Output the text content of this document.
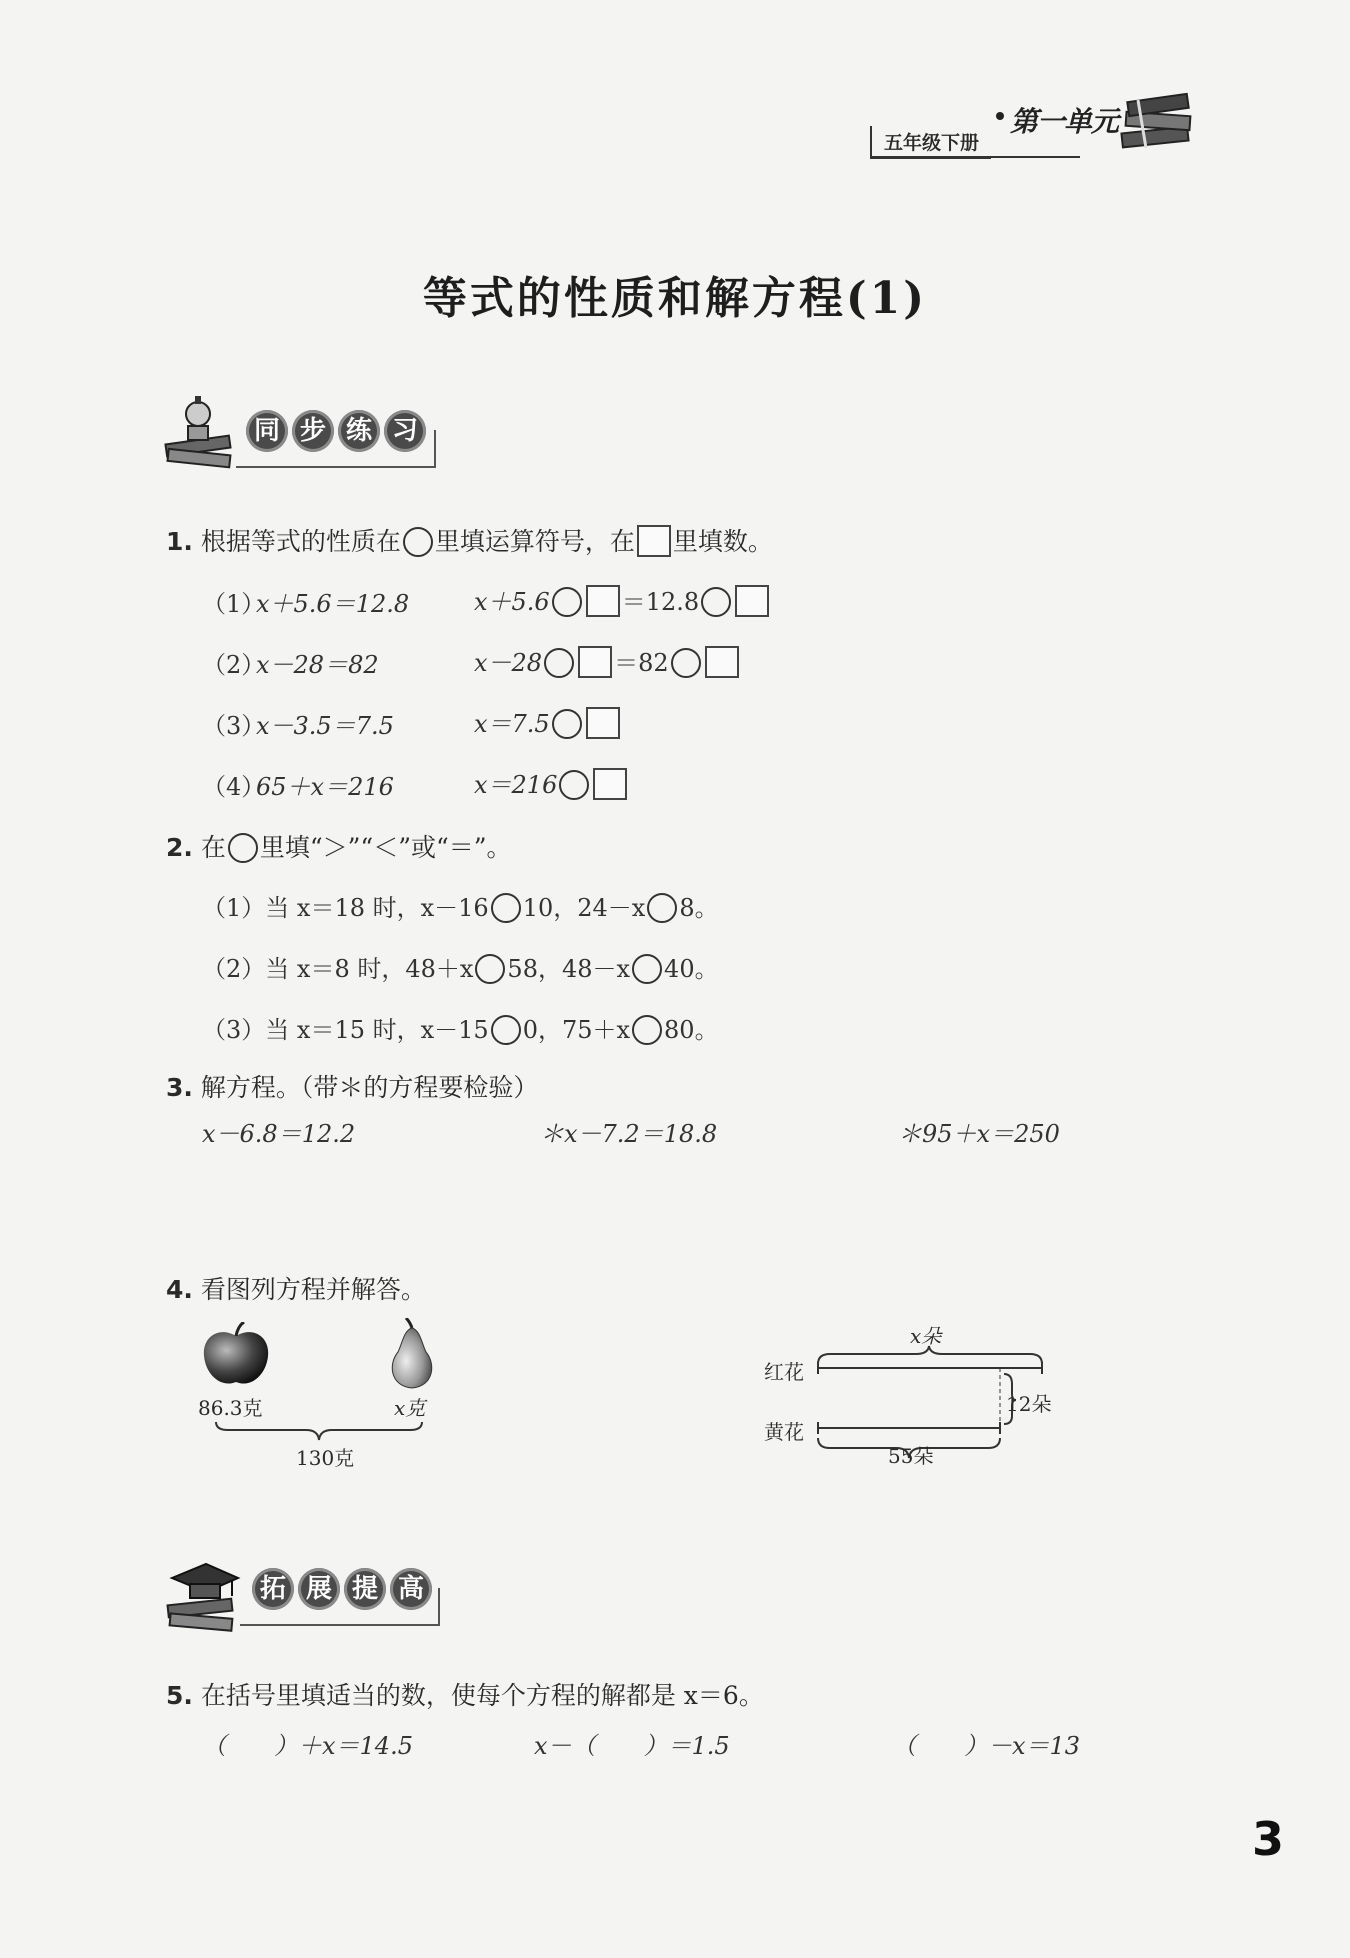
第一单元
五年级下册
等式的性质和解方程(1)
同 步 练 习
1. 根据等式的性质在 里填运算符号，在 里填数。
（1）
x＋5.6＝12.8	x＋5.6	＝12.8
（2）
x－28＝82	x－28	＝82
（3）
x－3.5＝7.5	x＝7.5
（4）
65＋x＝216	x＝216
2. 在 里填“＞”“＜”或“＝”。
（1）当 x＝18 时，x－16 10，24－x 8。
（2）当 x＝8 时，48＋x 58，48－x 40。
（3）当 x＝15 时，x－15 0，75＋x 80。
3. 解方程。（带＊的方程要检验）
x－6.8＝12.2	＊x－7.2＝18.8	＊95＋x＝250
4. 看图列方程并解答。
86.3克	x克
130克
x朵
红花
黄花
12朵
55朵
拓 展 提 高
5. 在括号里填适当的数，使每个方程的解都是 x＝6。
（　　）＋x＝14.5	x－（　　）＝1.5	（　　）－x＝13
3
